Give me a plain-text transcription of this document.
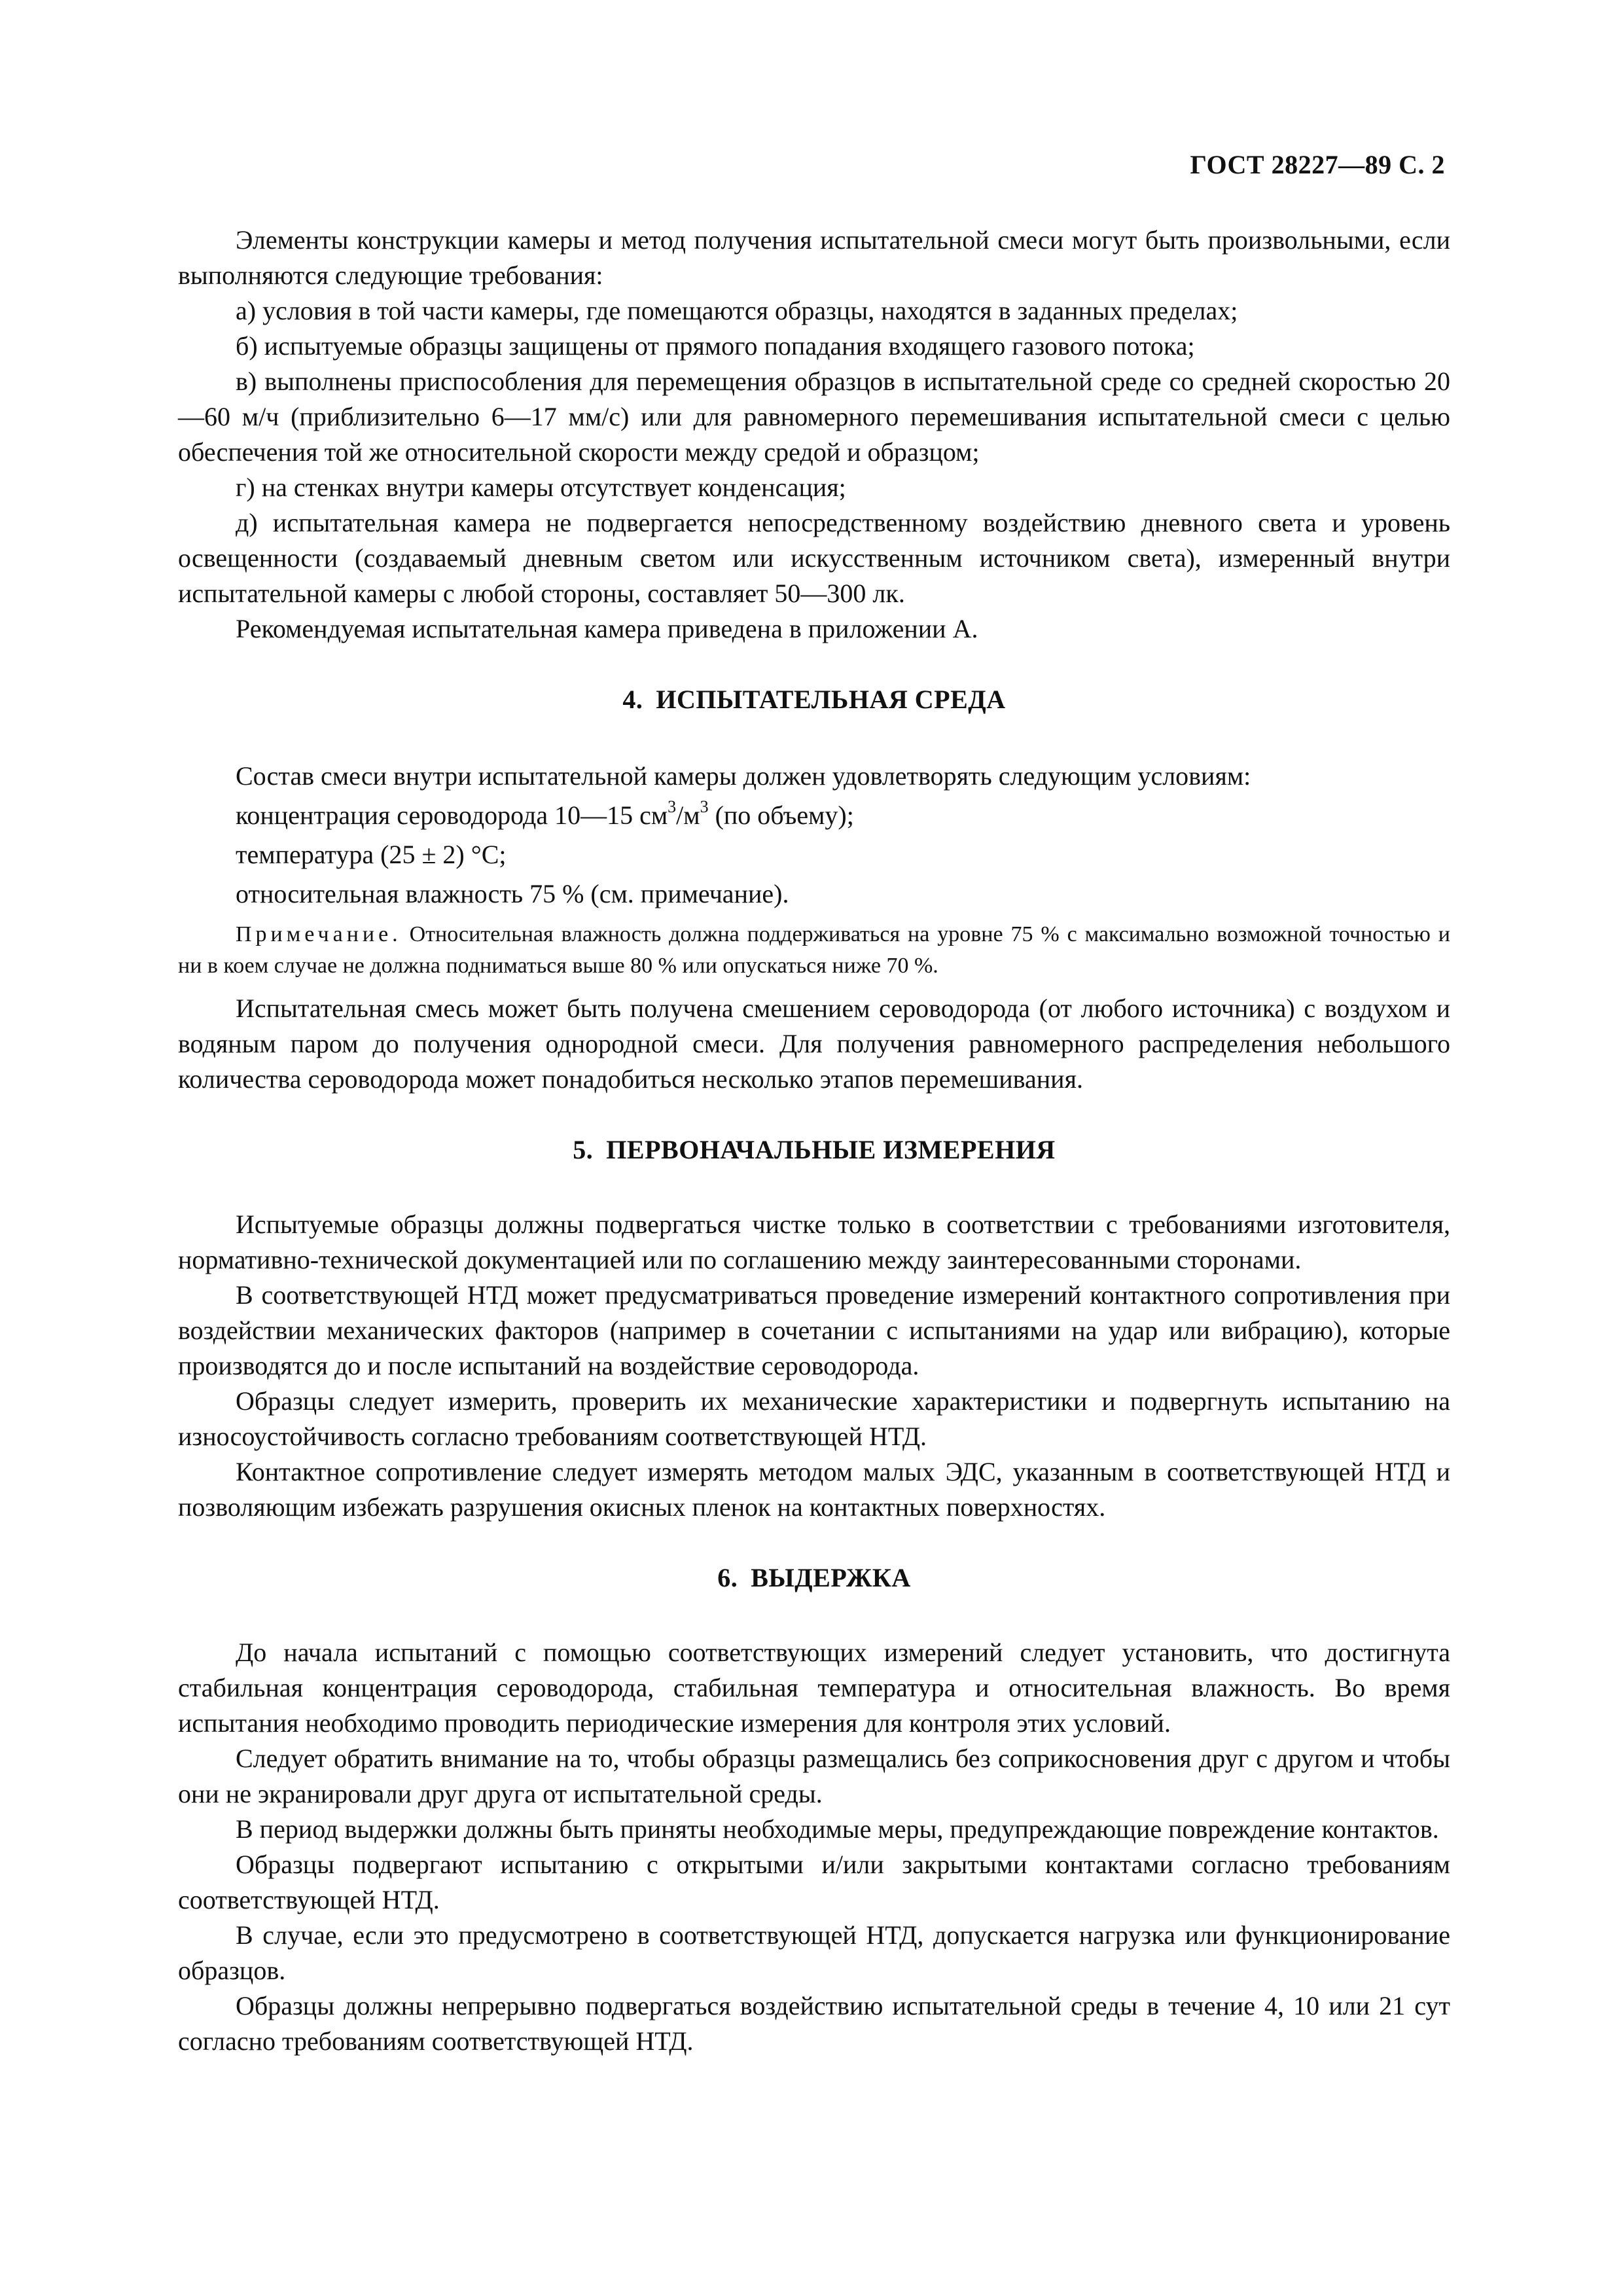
ГОСТ 28227—89 С. 2

Элементы конструкции камеры и метод получения испытательной смеси могут быть произвольными, если выполняются следующие требования:

а) условия в той части камеры, где помещаются образцы, находятся в заданных пределах;

б) испытуемые образцы защищены от прямого попадания входящего газового потока;

в) выполнены приспособления для перемещения образцов в испытательной среде со средней скоростью 20—60 м/ч (приблизительно 6—17 мм/с) или для равномерного перемешивания испытательной смеси с целью обеспечения той же относительной скорости между средой и образцом;

г) на стенках внутри камеры отсутствует конденсация;

д) испытательная камера не подвергается непосредственному воздействию дневного света и уровень освещенности (создаваемый дневным светом или искусственным источником света), измеренный внутри испытательной камеры с любой стороны, составляет 50—300 лк.

Рекомендуемая испытательная камера приведена в приложении А.

4. ИСПЫТАТЕЛЬНАЯ СРЕДА

Состав смеси внутри испытательной камеры должен удовлетворять следующим условиям:

концентрация сероводорода 10—15 $см^3/м^3$ (по объему);

температура (25 ± 2) °С;

относительная влажность 75 % (см. примечание).

Примечание. Относительная влажность должна поддерживаться на уровне 75 % с максимально возможной точностью и ни в коем случае не должна подниматься выше 80 % или опускаться ниже 70 %.

Испытательная смесь может быть получена смешением сероводорода (от любого источника) с воздухом и водяным паром до получения однородной смеси. Для получения равномерного распределения небольшого количества сероводорода может понадобиться несколько этапов перемешивания.

5. ПЕРВОНАЧАЛЬНЫЕ ИЗМЕРЕНИЯ

Испытуемые образцы должны подвергаться чистке только в соответствии с требованиями изготовителя, нормативно-технической документацией или по соглашению между заинтересованными сторонами.

В соответствующей НТД может предусматриваться проведение измерений контактного сопротивления при воздействии механических факторов (например в сочетании с испытаниями на удар или вибрацию), которые производятся до и после испытаний на воздействие сероводорода.

Образцы следует измерить, проверить их механические характеристики и подвергнуть испытанию на износоустойчивость согласно требованиям соответствующей НТД.

Контактное сопротивление следует измерять методом малых ЭДС, указанным в соответствующей НТД и позволяющим избежать разрушения окисных пленок на контактных поверхностях.

6. ВЫДЕРЖКА

До начала испытаний с помощью соответствующих измерений следует установить, что достигнута стабильная концентрация сероводорода, стабильная температура и относительная влажность. Во время испытания необходимо проводить периодические измерения для контроля этих условий.

Следует обратить внимание на то, чтобы образцы размещались без соприкосновения друг с другом и чтобы они не экранировали друг друга от испытательной среды.

В период выдержки должны быть приняты необходимые меры, предупреждающие повреждение контактов.

Образцы подвергают испытанию с открытыми и/или закрытыми контактами согласно требованиям соответствующей НТД.

В случае, если это предусмотрено в соответствующей НТД, допускается нагрузка или функционирование образцов.

Образцы должны непрерывно подвергаться воздействию испытательной среды в течение 4, 10 или 21 сут согласно требованиям соответствующей НТД.
